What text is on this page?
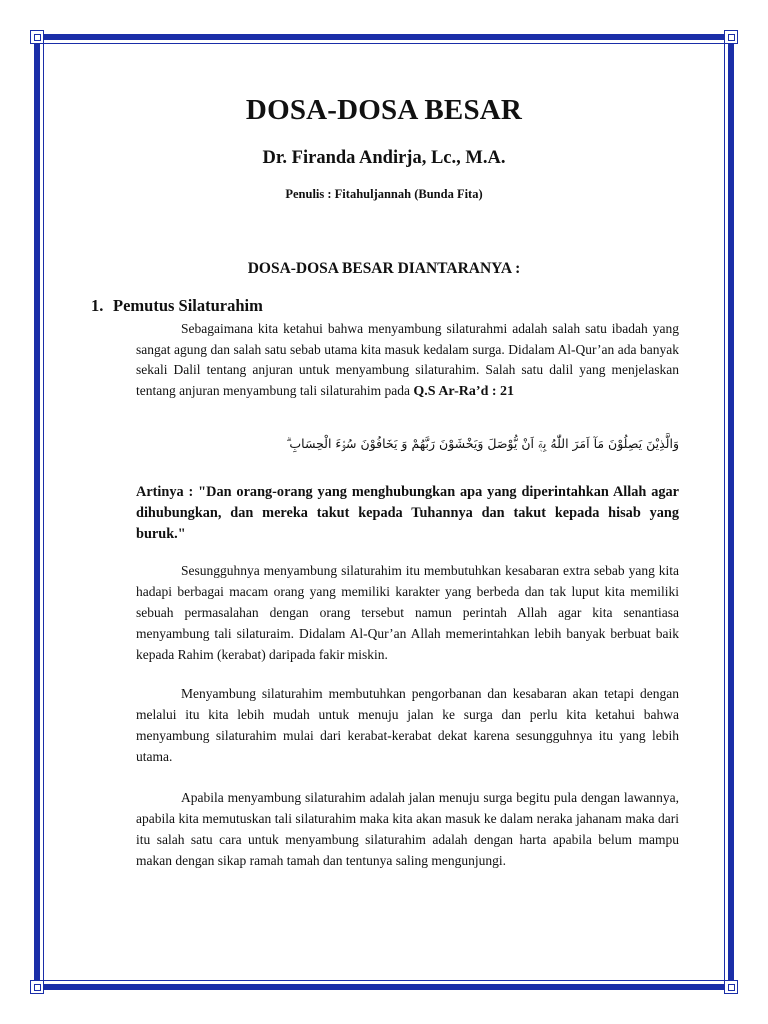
DOSA-DOSA BESAR
Dr. Firanda Andirja, Lc., M.A.
Penulis : Fitahuljannah (Bunda Fita)
DOSA-DOSA BESAR DIANTARANYA :
1. Pemutus Silaturahim
Sebagaimana kita ketahui bahwa menyambung silaturahmi adalah salah satu ibadah yang sangat agung dan salah satu sebab utama kita masuk kedalam surga. Didalam Al-Qur’an ada banyak sekali Dalil tentang anjuran untuk menyambung silaturahim. Salah satu dalil yang menjelaskan tentang anjuran menyambung tali silaturahim pada Q.S Ar-Ra’d : 21
وَالَّذِيْنَ يَصِلُوْنَ مَآ اَمَرَ اللّٰهُ بِهٖٓ اَنْ يُّوْصَلَ وَيَخْشَوْنَ رَبَّهُمْ وَ يَخَافُوْنَ سُوْۤءَ الْحِسَابِ ۗ
Artinya : "Dan orang-orang yang menghubungkan apa yang diperintahkan Allah agar dihubungkan, dan mereka takut kepada Tuhannya dan takut kepada hisab yang buruk."
Sesungguhnya menyambung silaturahim itu membutuhkan kesabaran extra sebab yang kita hadapi berbagai macam orang yang memiliki karakter yang berbeda dan tak luput kita memiliki sebuah permasalahan dengan orang tersebut namun perintah Allah agar kita senantiasa menyambung tali silaturaim. Didalam Al-Qur’an Allah memerintahkan lebih banyak berbuat baik kepada Rahim (kerabat) daripada fakir miskin.
Menyambung silaturahim membutuhkan pengorbanan dan kesabaran akan tetapi dengan melalui itu kita lebih mudah untuk menuju jalan ke surga dan perlu kita ketahui bahwa menyambung silaturahim mulai dari kerabat-kerabat dekat karena sesungguhnya itu yang lebih utama.
Apabila menyambung silaturahim adalah jalan menuju surga begitu pula dengan lawannya, apabila kita memutuskan tali silaturahim maka kita akan masuk ke dalam neraka jahanam maka dari itu salah satu cara untuk menyambung silaturahim adalah dengan harta apabila belum mampu makan dengan sikap ramah tamah dan tentunya saling mengunjungi.
